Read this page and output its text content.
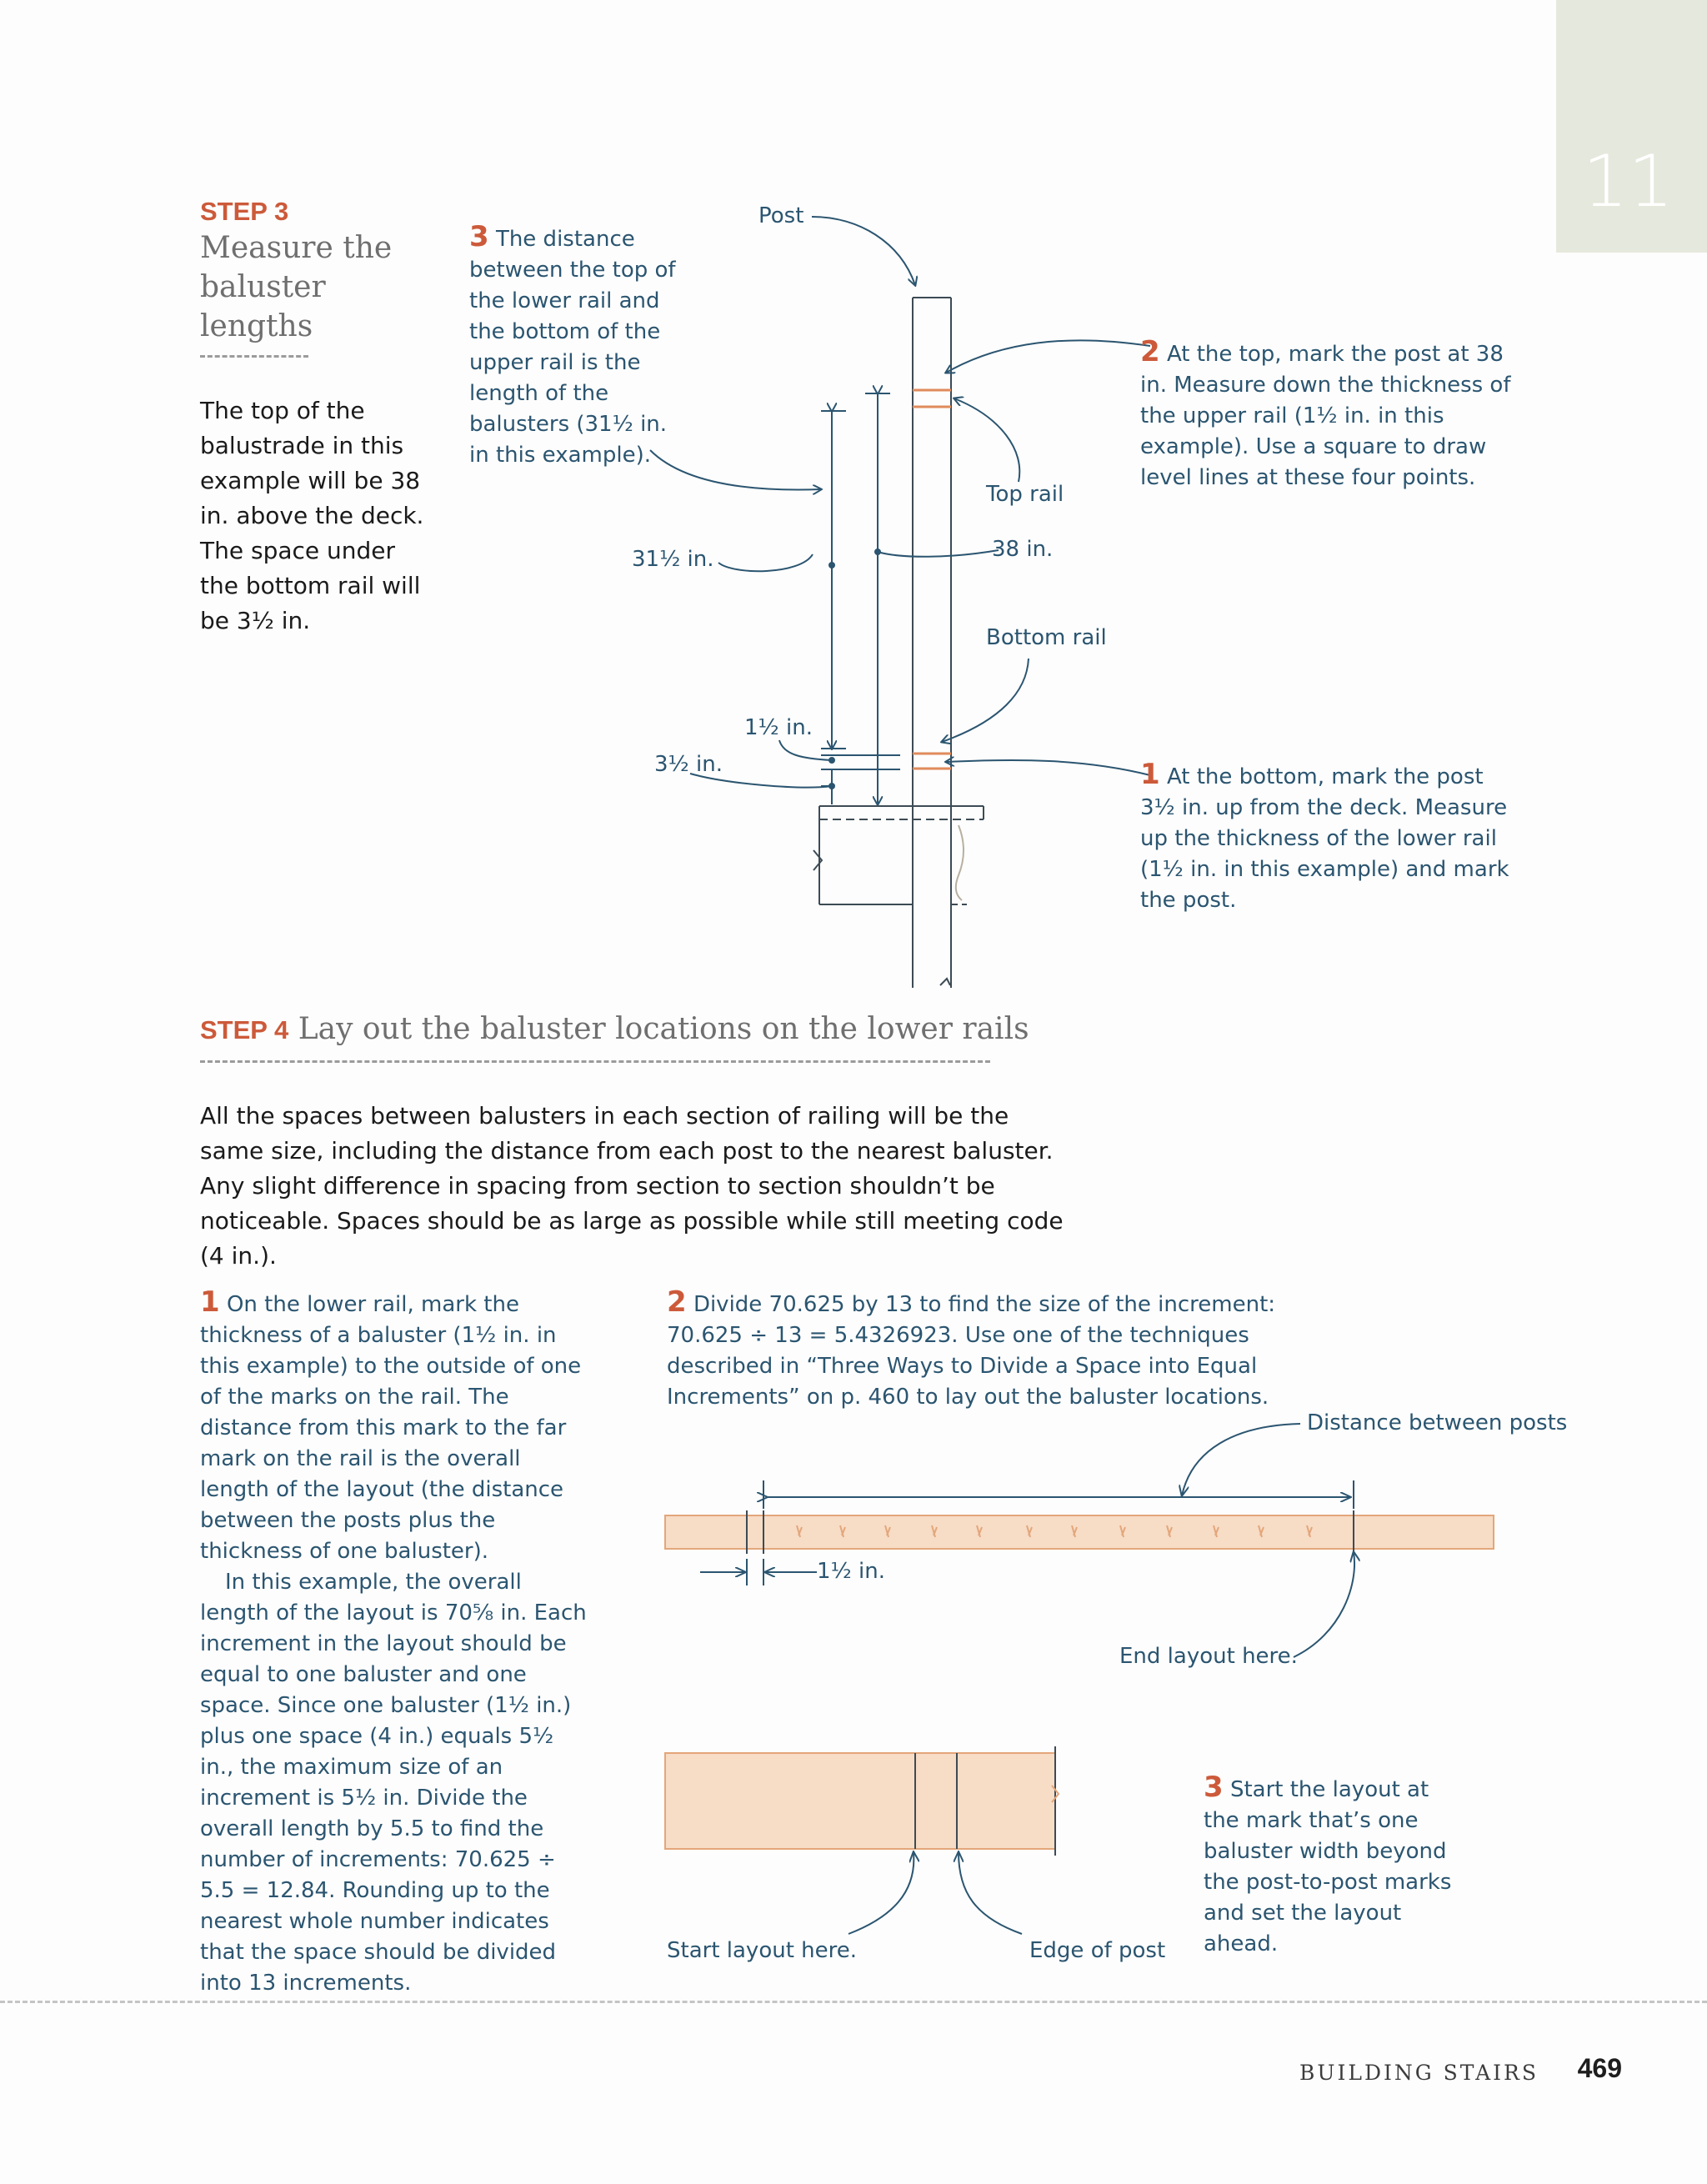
11
STEP 3
Measure the baluster lengths
The top of the balustrade in this example will be 38 in. above the deck. The space under the bottom rail will be 3½ in.
Post
Top rail
38 in.
31½ in.
Bottom rail
1½ in.
3½ in.
3 The distance between the top of the lower rail and the bottom of the upper rail is the length of the balusters (31½ in. in this example).
2 At the top, mark the post at 38 in. Measure down the thickness of the upper rail (1½ in. in this example). Use a square to draw level lines at these four points.
1 At the bottom, mark the post 3½ in. up from the deck. Measure up the thickness of the lower rail (1½ in. in this example) and mark the post.
STEP 4 Lay out the baluster locations on the lower rails
All the spaces between balusters in each section of railing will be the same size, including the distance from each post to the nearest baluster. Any slight difference in spacing from section to section shouldn’t be noticeable. Spaces should be as large as possible while still meeting code (4 in.).
1 On the lower rail, mark the thickness of a baluster (1½ in. in this example) to the outside of one of the marks on the rail. The distance from this mark to the far mark on the rail is the overall length of the layout (the distance between the posts plus the thickness of one baluster).
In this example, the overall length of the layout is 70⅝ in. Each increment in the layout should be equal to one baluster and one space. Since one baluster (1½ in.) plus one space (4 in.) equals 5½ in., the maximum size of an increment is 5½ in. Divide the overall length by 5.5 to find the number of increments: 70.625 ÷ 5.5 = 12.84. Rounding up to the nearest whole number indicates that the space should be divided into 13 increments.
2 Divide 70.625 by 13 to find the size of the increment: 70.625 ÷ 13 = 5.4326923. Use one of the techniques described in “Three Ways to Divide a Space into Equal Increments” on p. 460 to lay out the baluster locations.
3 Start the layout at the mark that’s one baluster width beyond the post-to-post marks and set the layout ahead.
Distance between posts
1½ in.
End layout here.
Start layout here.	Edge of post
BUILDING STAIRS 469
